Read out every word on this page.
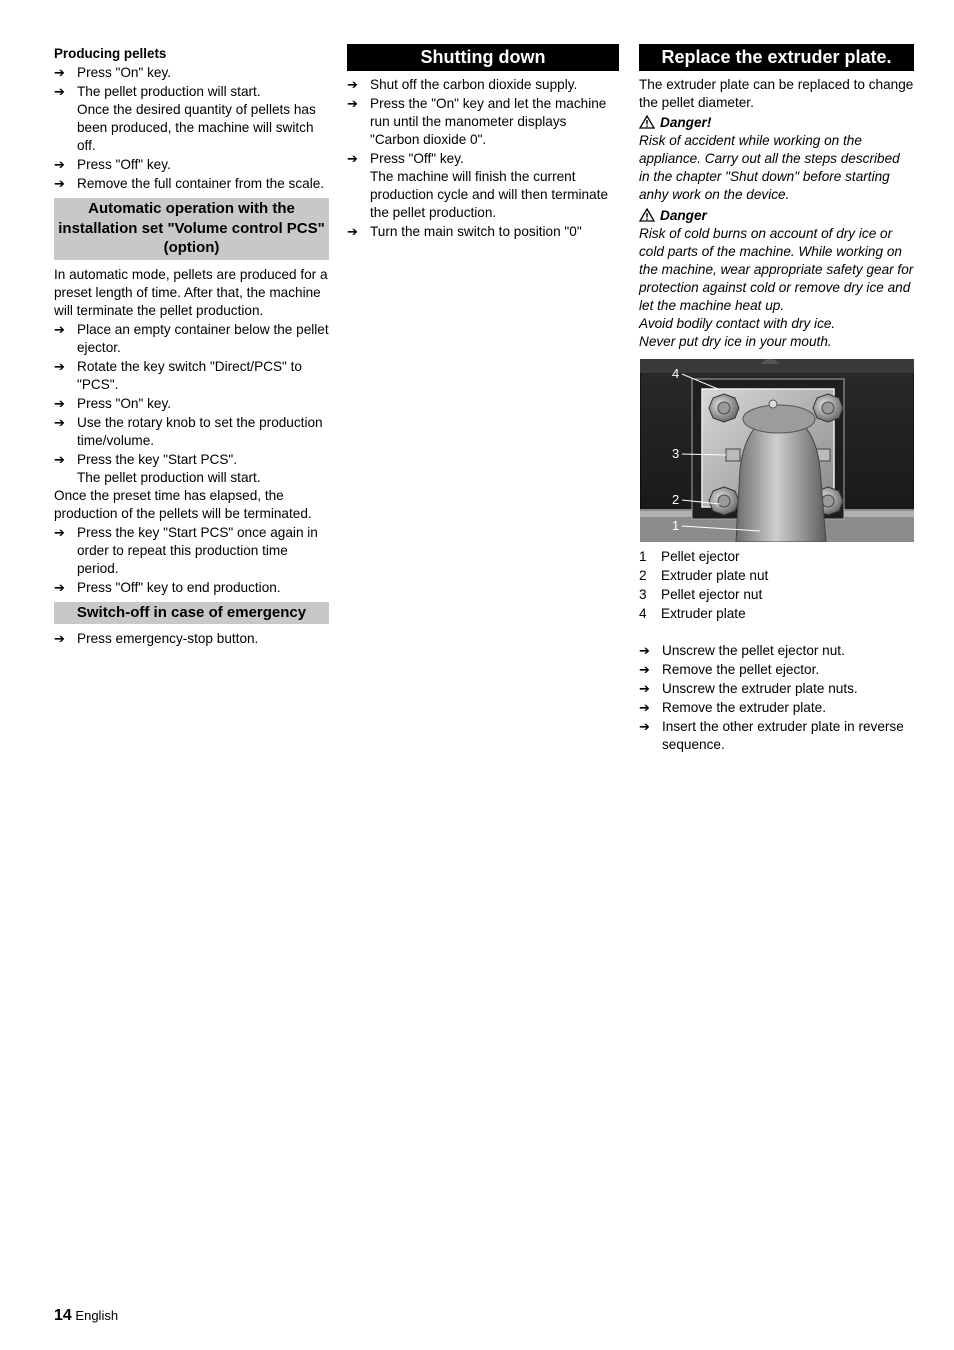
Producing pellets

➔ Press "On" key.
➔ The pellet production will start.

Once the desired quantity of pellets has been produced, the machine will switch off.

➔ Press "Off" key.
➔ Remove the full container from the scale.
Automatic operation with the installation set "Volume control PCS" (option)

In automatic mode, pellets are produced for a preset length of time. After that, the machine will terminate the pellet production.

➔ Place an empty container below the pellet ejector.
➔ Rotate the key switch "Direct/PCS" to "PCS".
➔ Press "On" key.
➔ Use the rotary knob to set the production time/volume.
➔ Press the key "Start PCS".

The pellet production will start.

Once the preset time has elapsed, the production of the pellets will be terminated.

➔ Press the key "Start PCS" once again in order to repeat this production time period.
➔ Press "Off" key to end production.
Switch-off in case of emergency
➔ Press emergency-stop button.
Shutting down
➔ Shut off the carbon dioxide supply.
➔ Press the "On" key and let the machine run until the manometer displays "Carbon dioxide 0".
➔ Press "Off" key.

The machine will finish the current production cycle and will then terminate the pellet production.

➔ Turn the main switch to position "0"
Replace the extruder plate.

The extruder plate can be replaced to change the pellet diameter.

Danger!

Risk of accident while working on the appliance. Carry out all the steps described in the chapter "Shut down" before starting anhy work on the device.

Danger

Risk of cold burns on account of dry ice or cold parts of the machine. While working on the machine, wear appropriate safety gear for protection against cold or remove dry ice and let the machine heat up.

Avoid bodily contact with dry ice.

Never put dry ice in your mouth.

4
3
2
1
1 Pellet ejector
2 Extruder plate nut
3 Pellet ejector nut
4 Extruder plate
➔ Unscrew the pellet ejector nut.
➔ Remove the pellet ejector.
➔ Unscrew the extruder plate nuts.
➔ Remove the extruder plate.
➔ Insert the other extruder plate in reverse sequence.
14 English
